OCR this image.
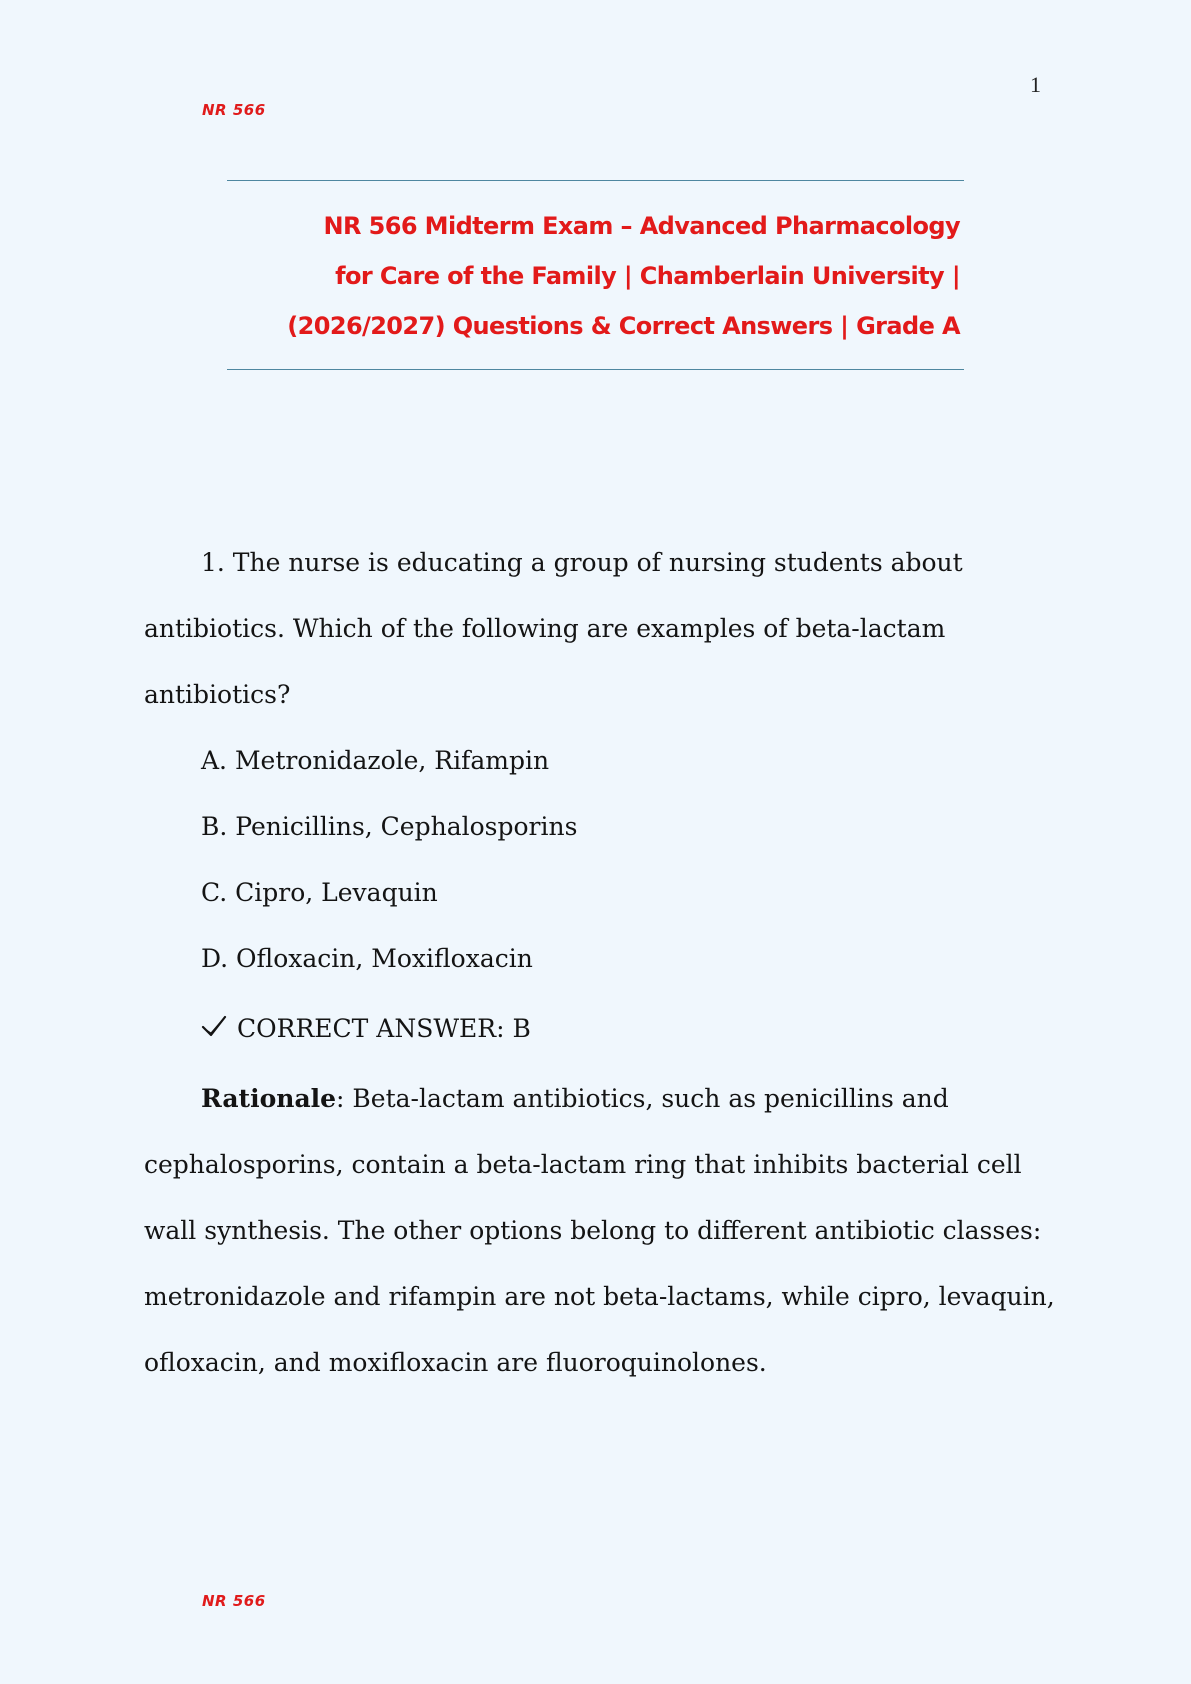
1
NR 566
NR 566 Midterm Exam – Advanced Pharmacology
for Care of the Family | Chamberlain University |
(2026/2027) Questions & Correct Answers | Grade A

1. The nurse is educating a group of nursing students about antibiotics. Which of the following are examples of beta-lactam antibiotics?

A. Metronidazole, Rifampin

B. Penicillins, Cephalosporins

C. Cipro, Levaquin

D. Ofloxacin, Moxifloxacin

CORRECT ANSWER: B

Rationale: Beta-lactam antibiotics, such as penicillins and cephalosporins, contain a beta-lactam ring that inhibits bacterial cell wall synthesis. The other options belong to different antibiotic classes: metronidazole and rifampin are not beta-lactams, while cipro, levaquin, ofloxacin, and moxifloxacin are fluoroquinolones.

NR 566
